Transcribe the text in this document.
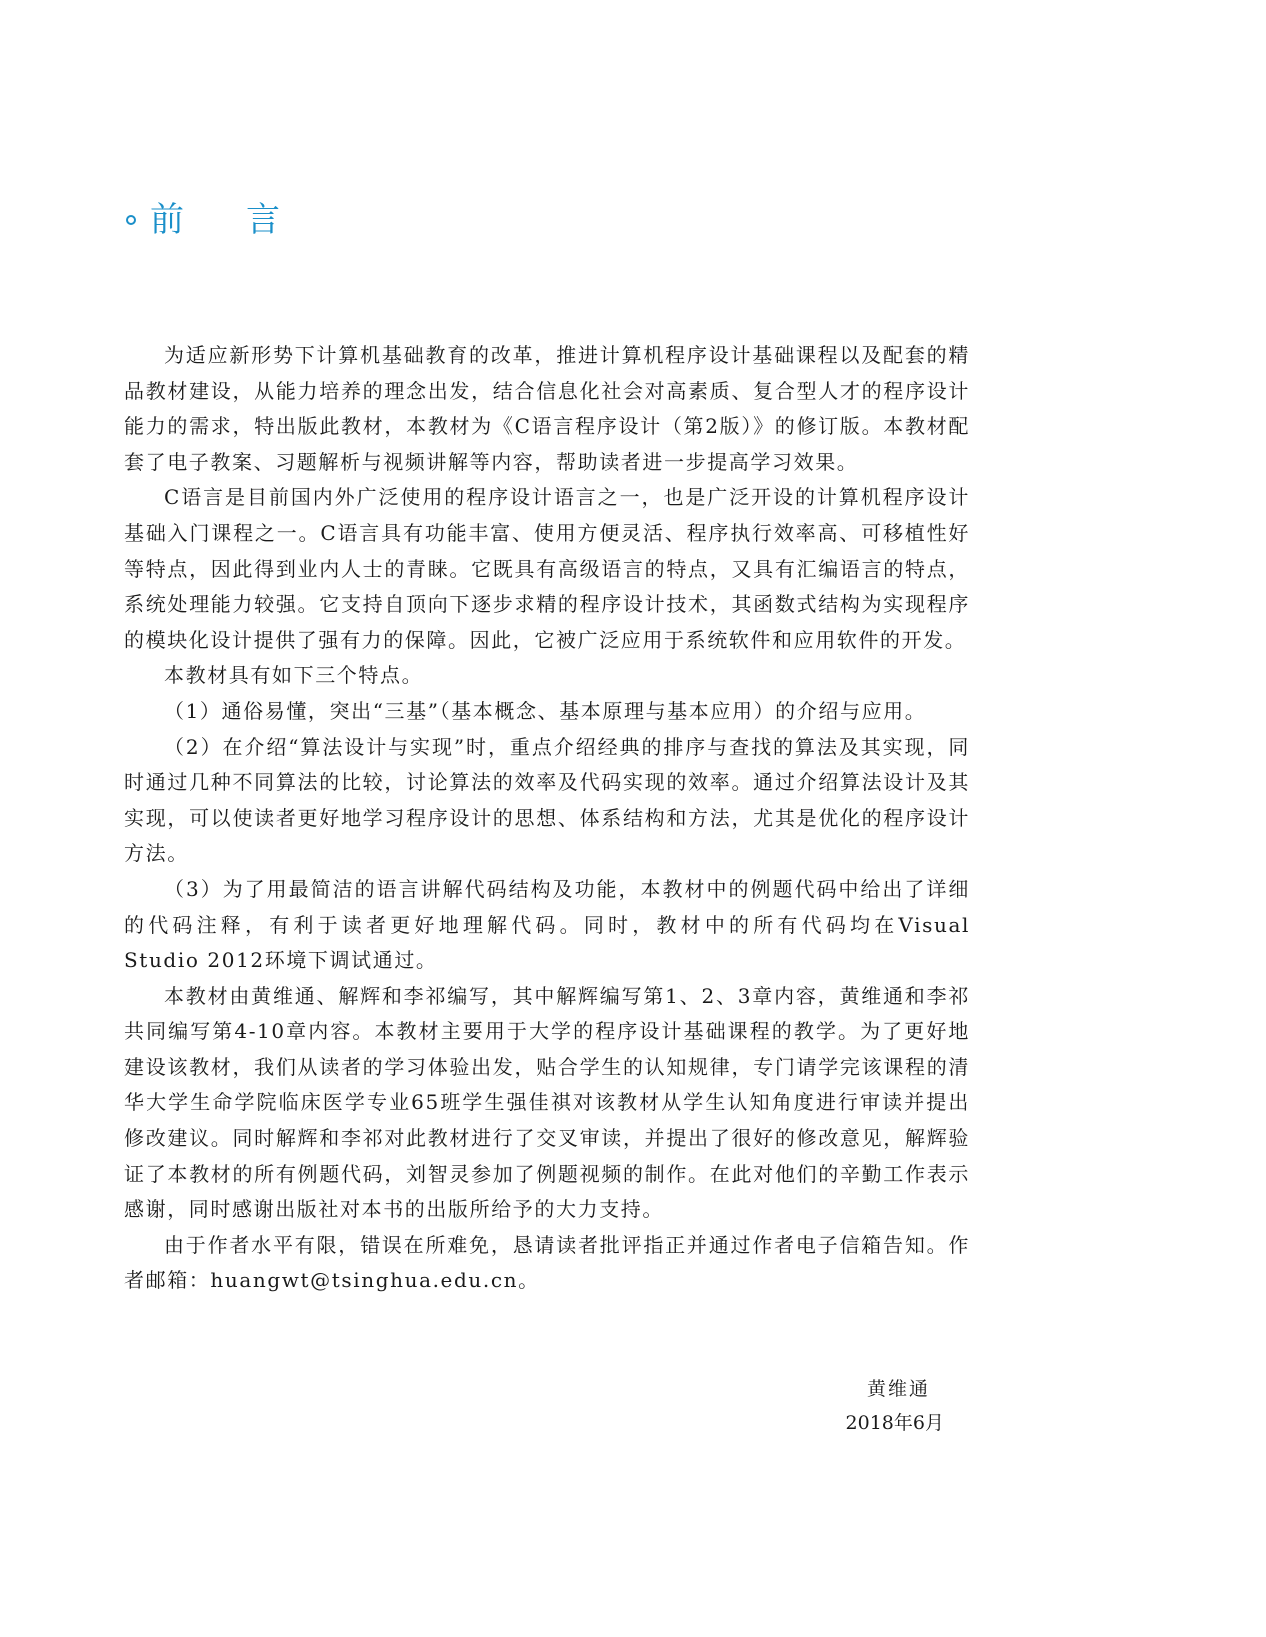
前言

为适应新形势下计算机基础教育的改革，推进计算机程序设计基础课程以及配套的精品教材建设，从能力培养的理念出发，结合信息化社会对高素质、复合型人才的程序设计能力的需求，特出版此教材，本教材为《C语言程序设计（第2版）》的修订版。本教材配套了电子教案、习题解析与视频讲解等内容，帮助读者进一步提高学习效果。

C语言是目前国内外广泛使用的程序设计语言之一，也是广泛开设的计算机程序设计基础入门课程之一。C语言具有功能丰富、使用方便灵活、程序执行效率高、可移植性好等特点，因此得到业内人士的青睐。它既具有高级语言的特点，又具有汇编语言的特点，系统处理能力较强。它支持自顶向下逐步求精的程序设计技术，其函数式结构为实现程序的模块化设计提供了强有力的保障。因此，它被广泛应用于系统软件和应用软件的开发。

本教材具有如下三个特点。

（1）通俗易懂，突出“三基”（基本概念、基本原理与基本应用）的介绍与应用。

（2）在介绍“算法设计与实现”时，重点介绍经典的排序与查找的算法及其实现，同时通过几种不同算法的比较，讨论算法的效率及代码实现的效率。通过介绍算法设计及其实现，可以使读者更好地学习程序设计的思想、体系结构和方法，尤其是优化的程序设计方法。

（3）为了用最简洁的语言讲解代码结构及功能，本教材中的例题代码中给出了详细的代码注释，有利于读者更好地理解代码。同时，教材中的所有代码均在Visual Studio 2012环境下调试通过。

本教材由黄维通、解辉和李祁编写，其中解辉编写第1、2、3章内容，黄维通和李祁共同编写第4-10章内容。本教材主要用于大学的程序设计基础课程的教学。为了更好地建设该教材，我们从读者的学习体验出发，贴合学生的认知规律，专门请学完该课程的清华大学生命学院临床医学专业65班学生强佳祺对该教材从学生认知角度进行审读并提出修改建议。同时解辉和李祁对此教材进行了交叉审读，并提出了很好的修改意见，解辉验证了本教材的所有例题代码，刘智灵参加了例题视频的制作。在此对他们的辛勤工作表示感谢，同时感谢出版社对本书的出版所给予的大力支持。

由于作者水平有限，错误在所难免，恳请读者批评指正并通过作者电子信箱告知。作者邮箱：huangwt@tsinghua.edu.cn。

黄维通
2018年6月
